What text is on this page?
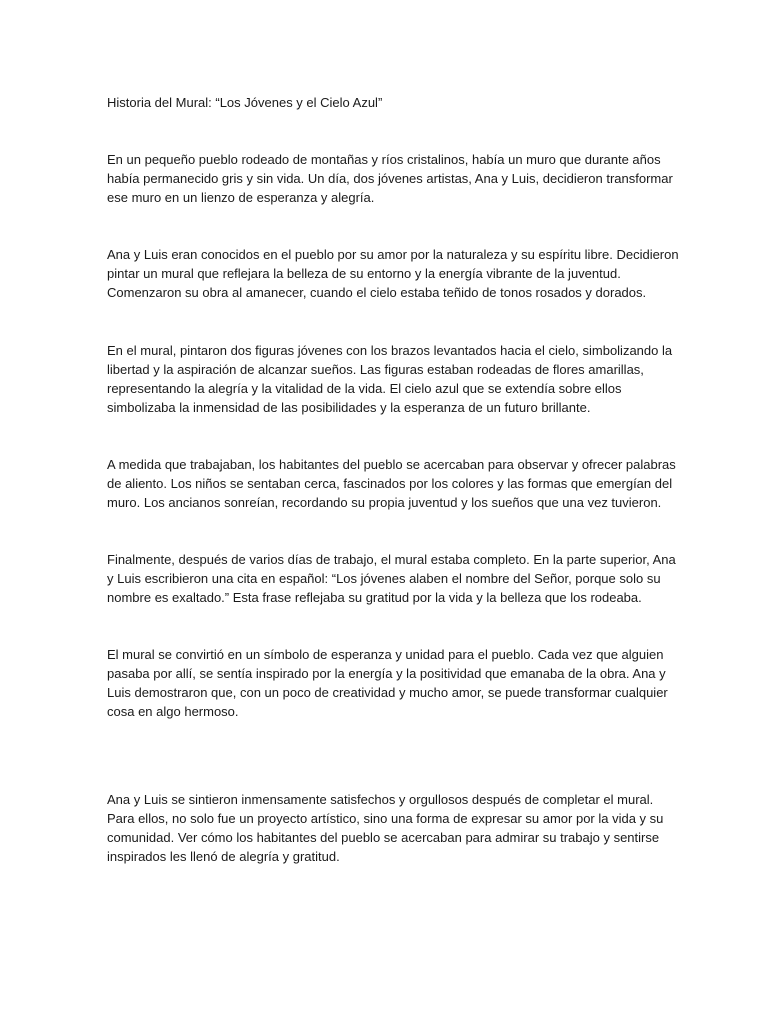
Historia del Mural: “Los Jóvenes y el Cielo Azul”

En un pequeño pueblo rodeado de montañas y ríos cristalinos, había un muro que durante años
había permanecido gris y sin vida. Un día, dos jóvenes artistas, Ana y Luis, decidieron transformar
ese muro en un lienzo de esperanza y alegría.

Ana y Luis eran conocidos en el pueblo por su amor por la naturaleza y su espíritu libre. Decidieron
pintar un mural que reflejara la belleza de su entorno y la energía vibrante de la juventud.
Comenzaron su obra al amanecer, cuando el cielo estaba teñido de tonos rosados y dorados.

En el mural, pintaron dos figuras jóvenes con los brazos levantados hacia el cielo, simbolizando la
libertad y la aspiración de alcanzar sueños. Las figuras estaban rodeadas de flores amarillas,
representando la alegría y la vitalidad de la vida. El cielo azul que se extendía sobre ellos
simbolizaba la inmensidad de las posibilidades y la esperanza de un futuro brillante.

A medida que trabajaban, los habitantes del pueblo se acercaban para observar y ofrecer palabras
de aliento. Los niños se sentaban cerca, fascinados por los colores y las formas que emergían del
muro. Los ancianos sonreían, recordando su propia juventud y los sueños que una vez tuvieron.

Finalmente, después de varios días de trabajo, el mural estaba completo. En la parte superior, Ana
y Luis escribieron una cita en español: “Los jóvenes alaben el nombre del Señor, porque solo su
nombre es exaltado.” Esta frase reflejaba su gratitud por la vida y la belleza que los rodeaba.

El mural se convirtió en un símbolo de esperanza y unidad para el pueblo. Cada vez que alguien
pasaba por allí, se sentía inspirado por la energía y la positividad que emanaba de la obra. Ana y
Luis demostraron que, con un poco de creatividad y mucho amor, se puede transformar cualquier
cosa en algo hermoso.

Ana y Luis se sintieron inmensamente satisfechos y orgullosos después de completar el mural.
Para ellos, no solo fue un proyecto artístico, sino una forma de expresar su amor por la vida y su
comunidad. Ver cómo los habitantes del pueblo se acercaban para admirar su trabajo y sentirse
inspirados les llenó de alegría y gratitud.
